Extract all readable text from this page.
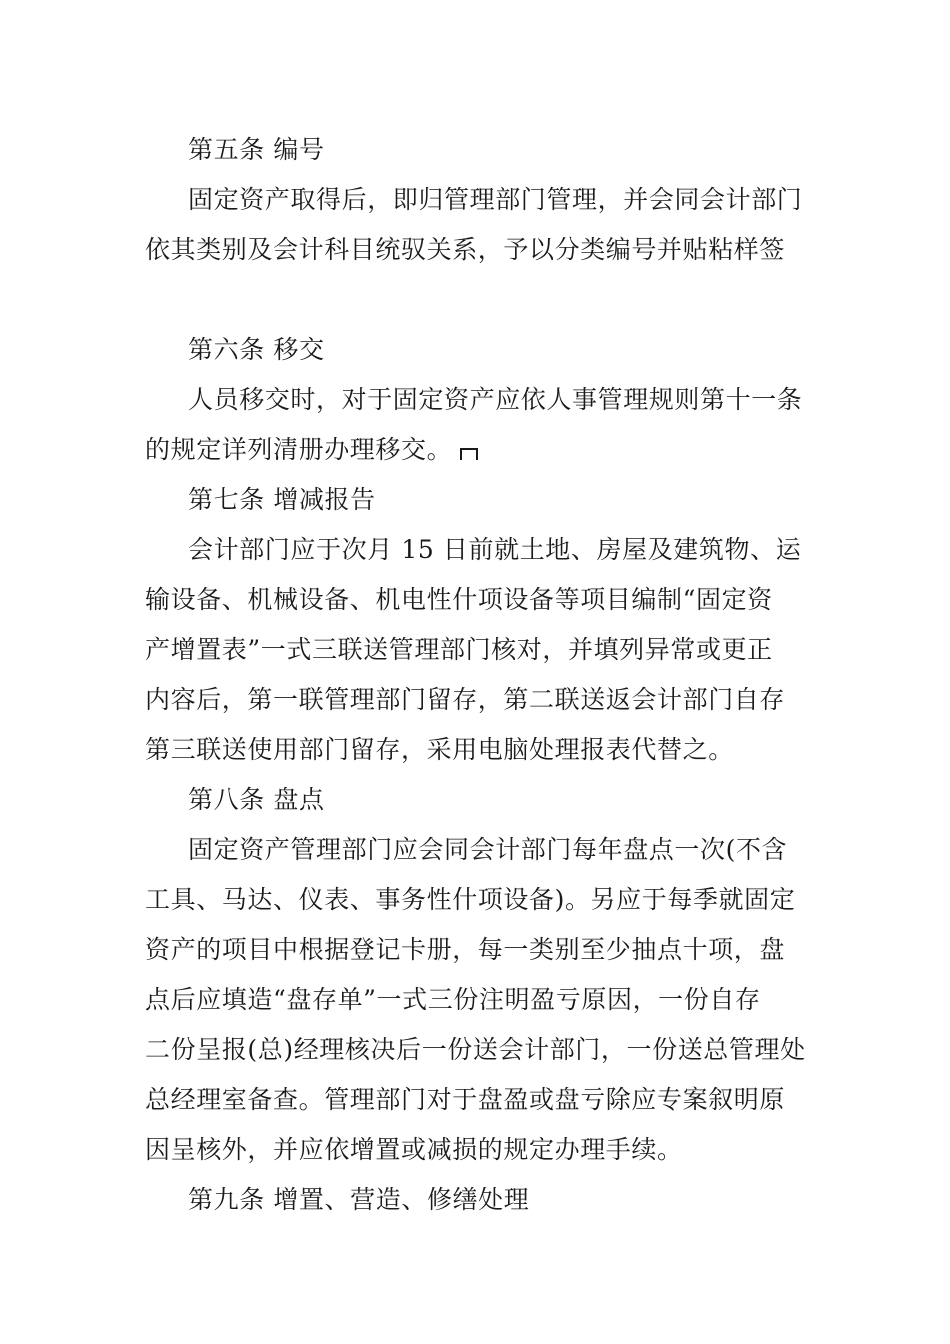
第五条 编号
固定资产取得后，即归管理部门管理，并会同会计部门
依其类别及会计科目统驭关系，予以分类编号并贴粘样签
第六条 移交
人员移交时，对于固定资产应依人事管理规则第十一条
的规定详列清册办理移交。
第七条 增减报告
会计部门应于次月 15 日前就土地、房屋及建筑物、运
输设备、机械设备、机电性什项设备等项目编制“固定资
产增置表”一式三联送管理部门核对，并填列异常或更正
内容后，第一联管理部门留存，第二联送返会计部门自存
第三联送使用部门留存，采用电脑处理报表代替之。
第八条 盘点
固定资产管理部门应会同会计部门每年盘点一次(不含
工具、马达、仪表、事务性什项设备)。另应于每季就固定
资产的项目中根据登记卡册，每一类别至少抽点十项，盘
点后应填造“盘存单”一式三份注明盈亏原因，一份自存
二份呈报(总)经理核决后一份送会计部门，一份送总管理处
总经理室备查。管理部门对于盘盈或盘亏除应专案叙明原
因呈核外，并应依增置或减损的规定办理手续。
第九条 增置、营造、修缮处理
